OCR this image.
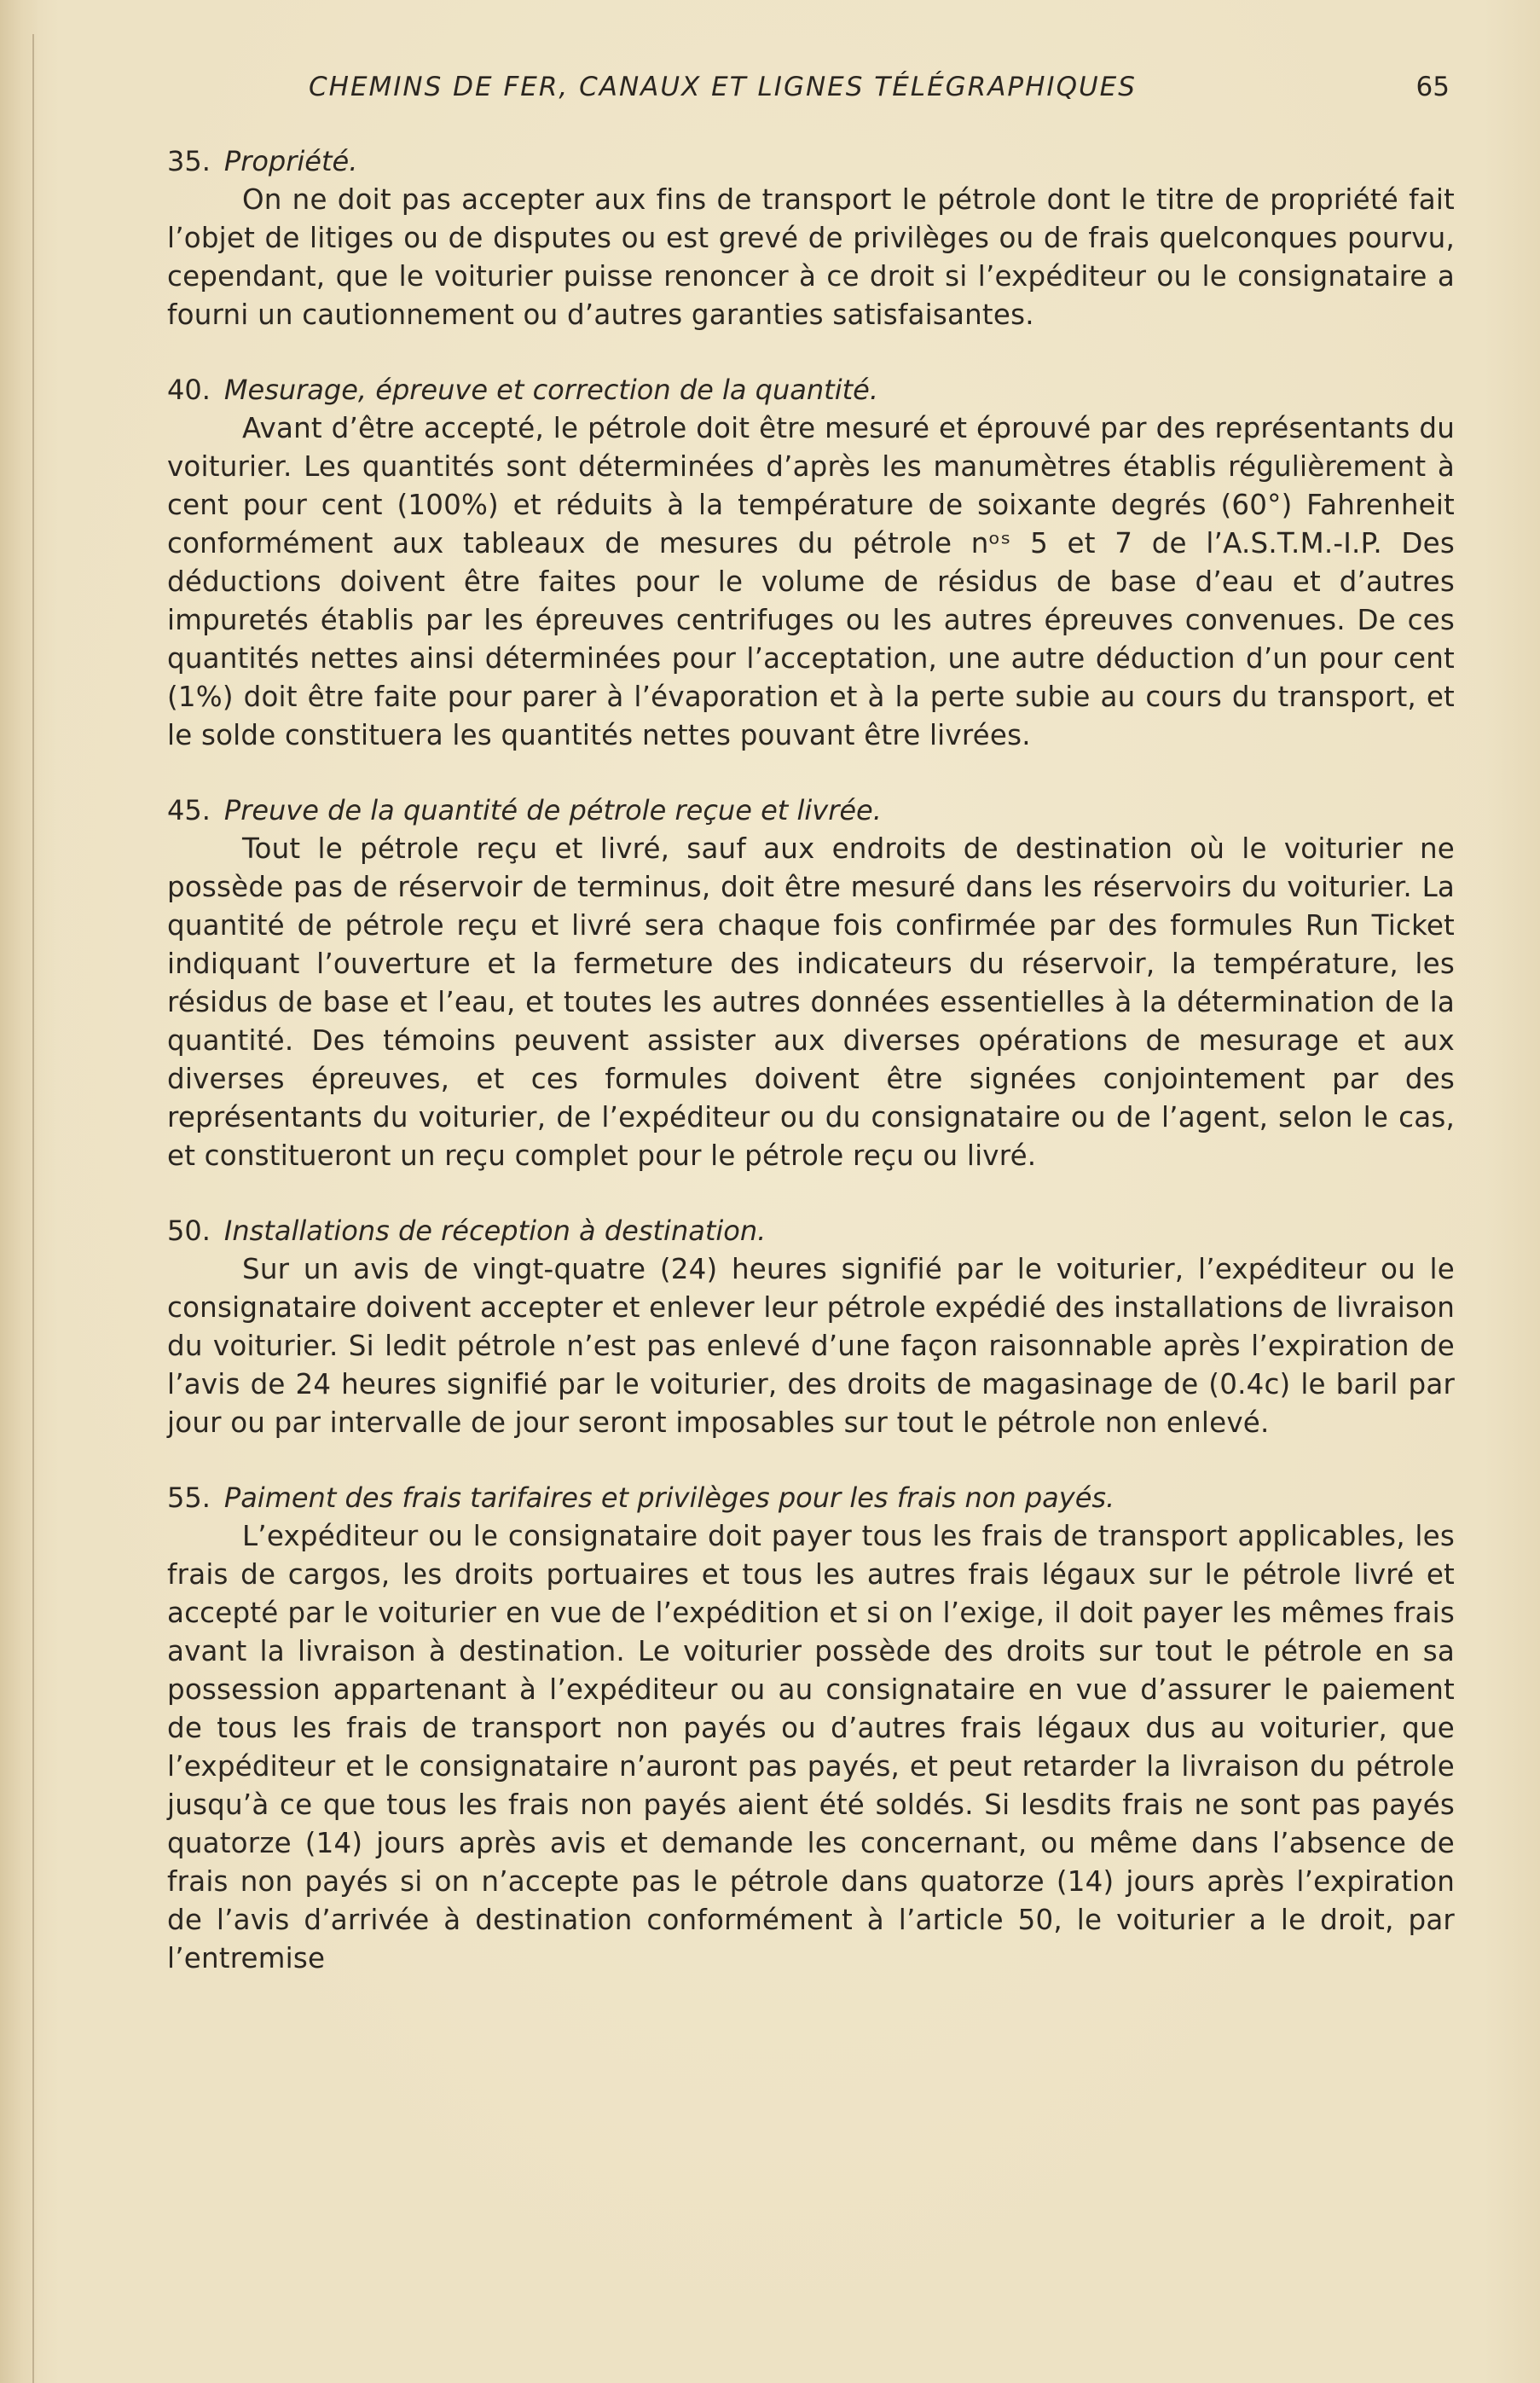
CHEMINS DE FER, CANAUX ET LIGNES TÉLÉGRAPHIQUES	65

35. Propriété.

On ne doit pas accepter aux fins de transport le pétrole dont le titre de propriété fait l’objet de litiges ou de disputes ou est grevé de privilèges ou de frais quelconques pourvu, cependant, que le voiturier puisse renoncer à ce droit si l’expéditeur ou le consignataire a fourni un cautionnement ou d’autres garanties satisfaisantes.

40. Mesurage, épreuve et correction de la quantité.

Avant d’être accepté, le pétrole doit être mesuré et éprouvé par des représentants du voiturier. Les quantités sont déterminées d’après les manumètres établis régulièrement à cent pour cent (100%) et réduits à la température de soixante degrés (60°) Fahrenheit conformément aux tableaux de mesures du pétrole nᵒˢ 5 et 7 de l’A.S.T.M.-I.P. Des déductions doivent être faites pour le volume de résidus de base d’eau et d’autres impuretés établis par les épreuves centrifuges ou les autres épreuves convenues. De ces quantités nettes ainsi déterminées pour l’acceptation, une autre déduction d’un pour cent (1%) doit être faite pour parer à l’évaporation et à la perte subie au cours du transport, et le solde constituera les quantités nettes pouvant être livrées.

45. Preuve de la quantité de pétrole reçue et livrée.

Tout le pétrole reçu et livré, sauf aux endroits de destination où le voiturier ne possède pas de réservoir de terminus, doit être mesuré dans les réservoirs du voiturier. La quantité de pétrole reçu et livré sera chaque fois confirmée par des formules Run Ticket indiquant l’ouverture et la fermeture des indicateurs du réservoir, la température, les résidus de base et l’eau, et toutes les autres données essentielles à la détermination de la quantité. Des témoins peuvent assister aux diverses opérations de mesurage et aux diverses épreuves, et ces formules doivent être signées conjointement par des représentants du voiturier, de l’expéditeur ou du consignataire ou de l’agent, selon le cas, et constitueront un reçu complet pour le pétrole reçu ou livré.

50. Installations de réception à destination.

Sur un avis de vingt-quatre (24) heures signifié par le voiturier, l’expéditeur ou le consignataire doivent accepter et enlever leur pétrole expédié des installations de livraison du voiturier. Si ledit pétrole n’est pas enlevé d’une façon raisonnable après l’expiration de l’avis de 24 heures signifié par le voiturier, des droits de magasinage de (0.4c) le baril par jour ou par intervalle de jour seront imposables sur tout le pétrole non enlevé.

55. Paiment des frais tarifaires et privilèges pour les frais non payés.

L’expéditeur ou le consignataire doit payer tous les frais de transport applicables, les frais de cargos, les droits portuaires et tous les autres frais légaux sur le pétrole livré et accepté par le voiturier en vue de l’expédition et si on l’exige, il doit payer les mêmes frais avant la livraison à destination. Le voiturier possède des droits sur tout le pétrole en sa possession appartenant à l’expéditeur ou au consignataire en vue d’assurer le paiement de tous les frais de transport non payés ou d’autres frais légaux dus au voiturier, que l’expéditeur et le consignataire n’auront pas payés, et peut retarder la livraison du pétrole jusqu’à ce que tous les frais non payés aient été soldés. Si lesdits frais ne sont pas payés quatorze (14) jours après avis et demande les concernant, ou même dans l’absence de frais non payés si on n’accepte pas le pétrole dans quatorze (14) jours après l’expiration de l’avis d’arrivée à destination conformément à l’article 50, le voiturier a le droit, par l’entremise
